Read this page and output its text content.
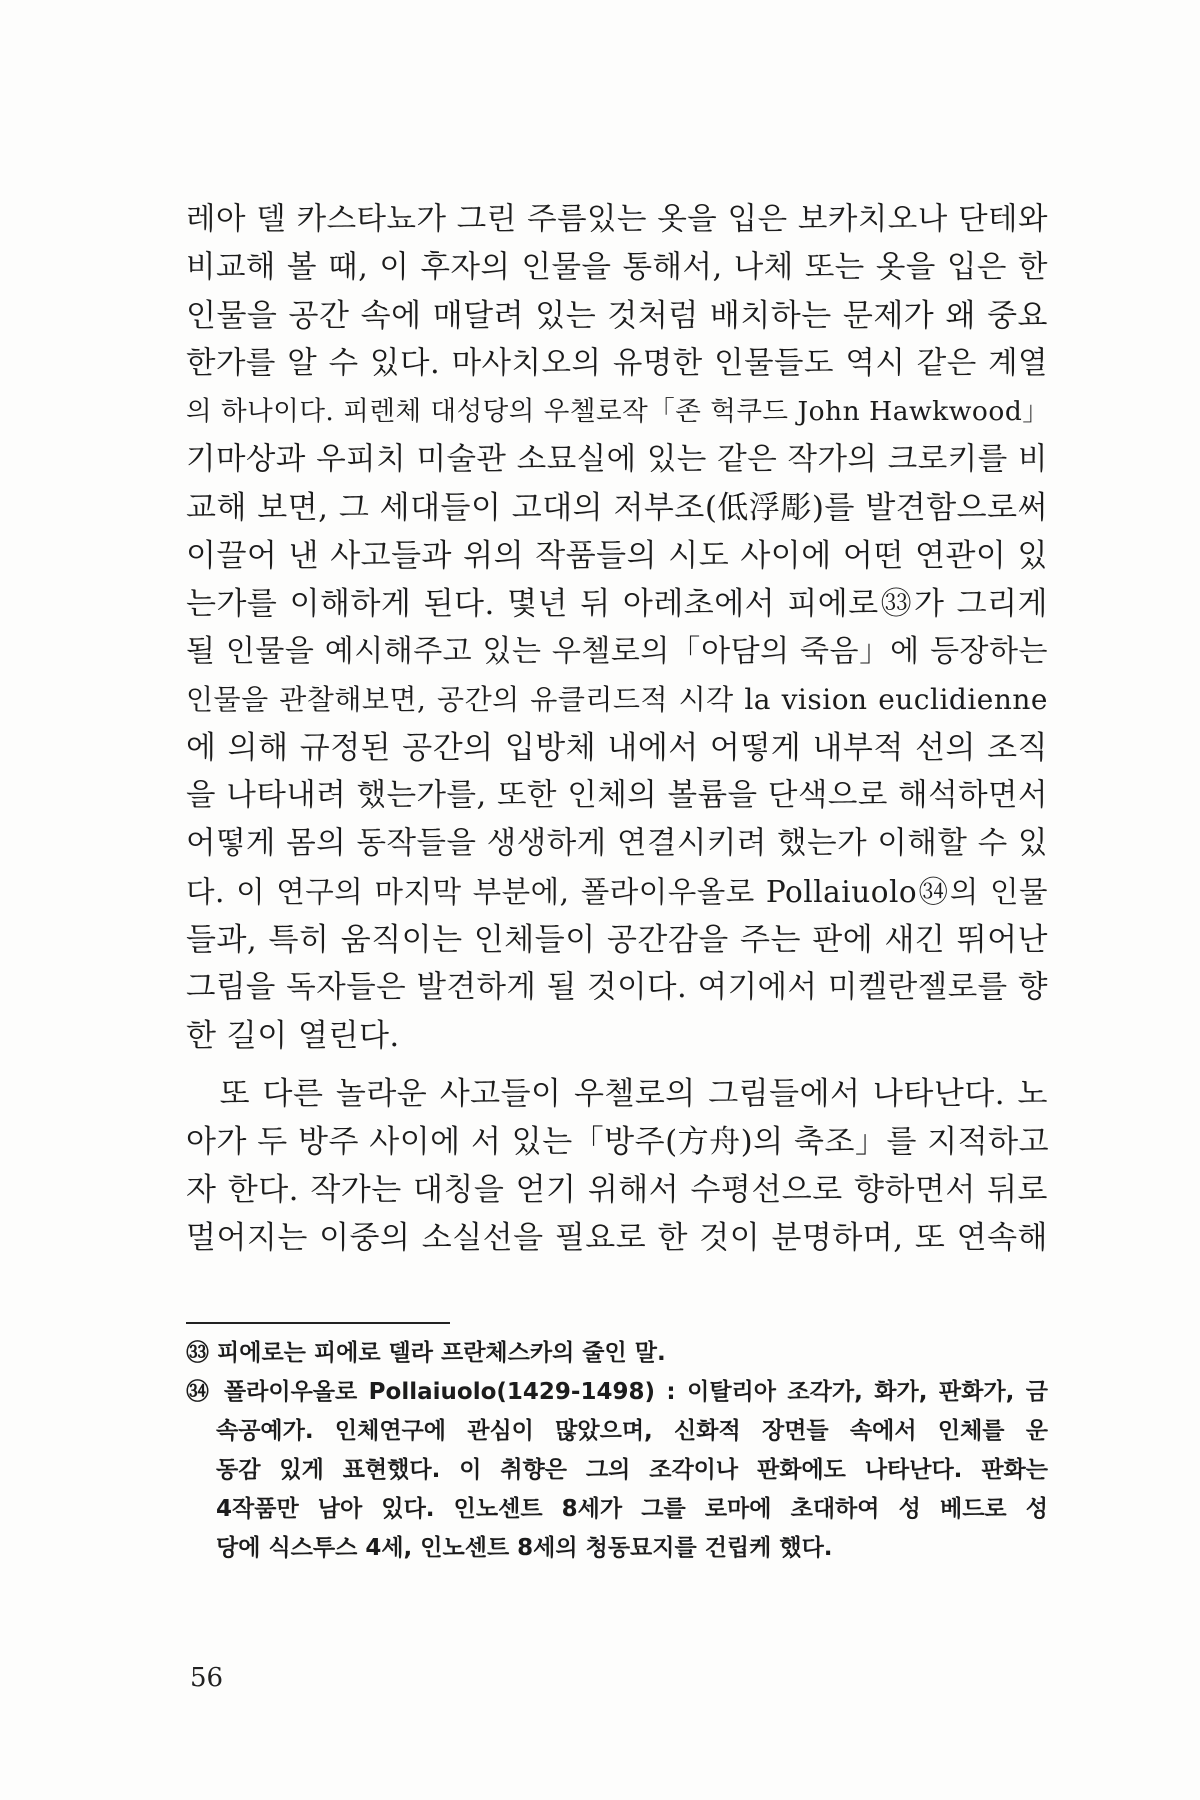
레아 델 카스타뇨가 그린 주름있는 옷을 입은 보카치오나 단테와
비교해 볼 때, 이 후자의 인물을 통해서, 나체 또는 옷을 입은 한
인물을 공간 속에 매달려 있는 것처럼 배치하는 문제가 왜 중요
한가를 알 수 있다. 마사치오의 유명한 인물들도 역시 같은 계열
의 하나이다. 피렌체 대성당의 우첼로작「존 헉쿠드 John Hawkwood」
기마상과 우피치 미술관 소묘실에 있는 같은 작가의 크로키를 비
교해 보면, 그 세대들이 고대의 저부조(低浮彫)를 발견함으로써
이끌어 낸 사고들과 위의 작품들의 시도 사이에 어떤 연관이 있
는가를 이해하게 된다. 몇년 뒤 아레초에서 피에로㉝가 그리게
될 인물을 예시해주고 있는 우첼로의「아담의 죽음」에 등장하는
인물을 관찰해보면, 공간의 유클리드적 시각 la vision euclidienne
에 의해 규정된 공간의 입방체 내에서 어떻게 내부적 선의 조직
을 나타내려 했는가를, 또한 인체의 볼륨을 단색으로 해석하면서
어떻게 몸의 동작들을 생생하게 연결시키려 했는가 이해할 수 있
다. 이 연구의 마지막 부분에, 폴라이우올로 Pollaiuolo㉞의 인물
들과, 특히 움직이는 인체들이 공간감을 주는 판에 새긴 뛰어난
그림을 독자들은 발견하게 될 것이다. 여기에서 미켈란젤로를 향
한 길이 열린다.
　또 다른 놀라운 사고들이 우첼로의 그림들에서 나타난다. 노
아가 두 방주 사이에 서 있는「방주(方舟)의 축조」를 지적하고
자 한다. 작가는 대칭을 얻기 위해서 수평선으로 향하면서 뒤로
멀어지는 이중의 소실선을 필요로 한 것이 분명하며, 또 연속해
㉝ 피에로는 피에로 델라 프란체스카의 줄인 말.
㉞ 폴라이우올로 Pollaiuolo(1429-1498) : 이탈리아 조각가, 화가, 판화가, 금
속공예가. 인체연구에 관심이 많았으며, 신화적 장면들 속에서 인체를 운
동감 있게 표현했다. 이 취향은 그의 조각이나 판화에도 나타난다. 판화는
4작품만 남아 있다. 인노센트 8세가 그를 로마에 초대하여 성 베드로 성
당에 식스투스 4세, 인노센트 8세의 청동묘지를 건립케 했다.
56
